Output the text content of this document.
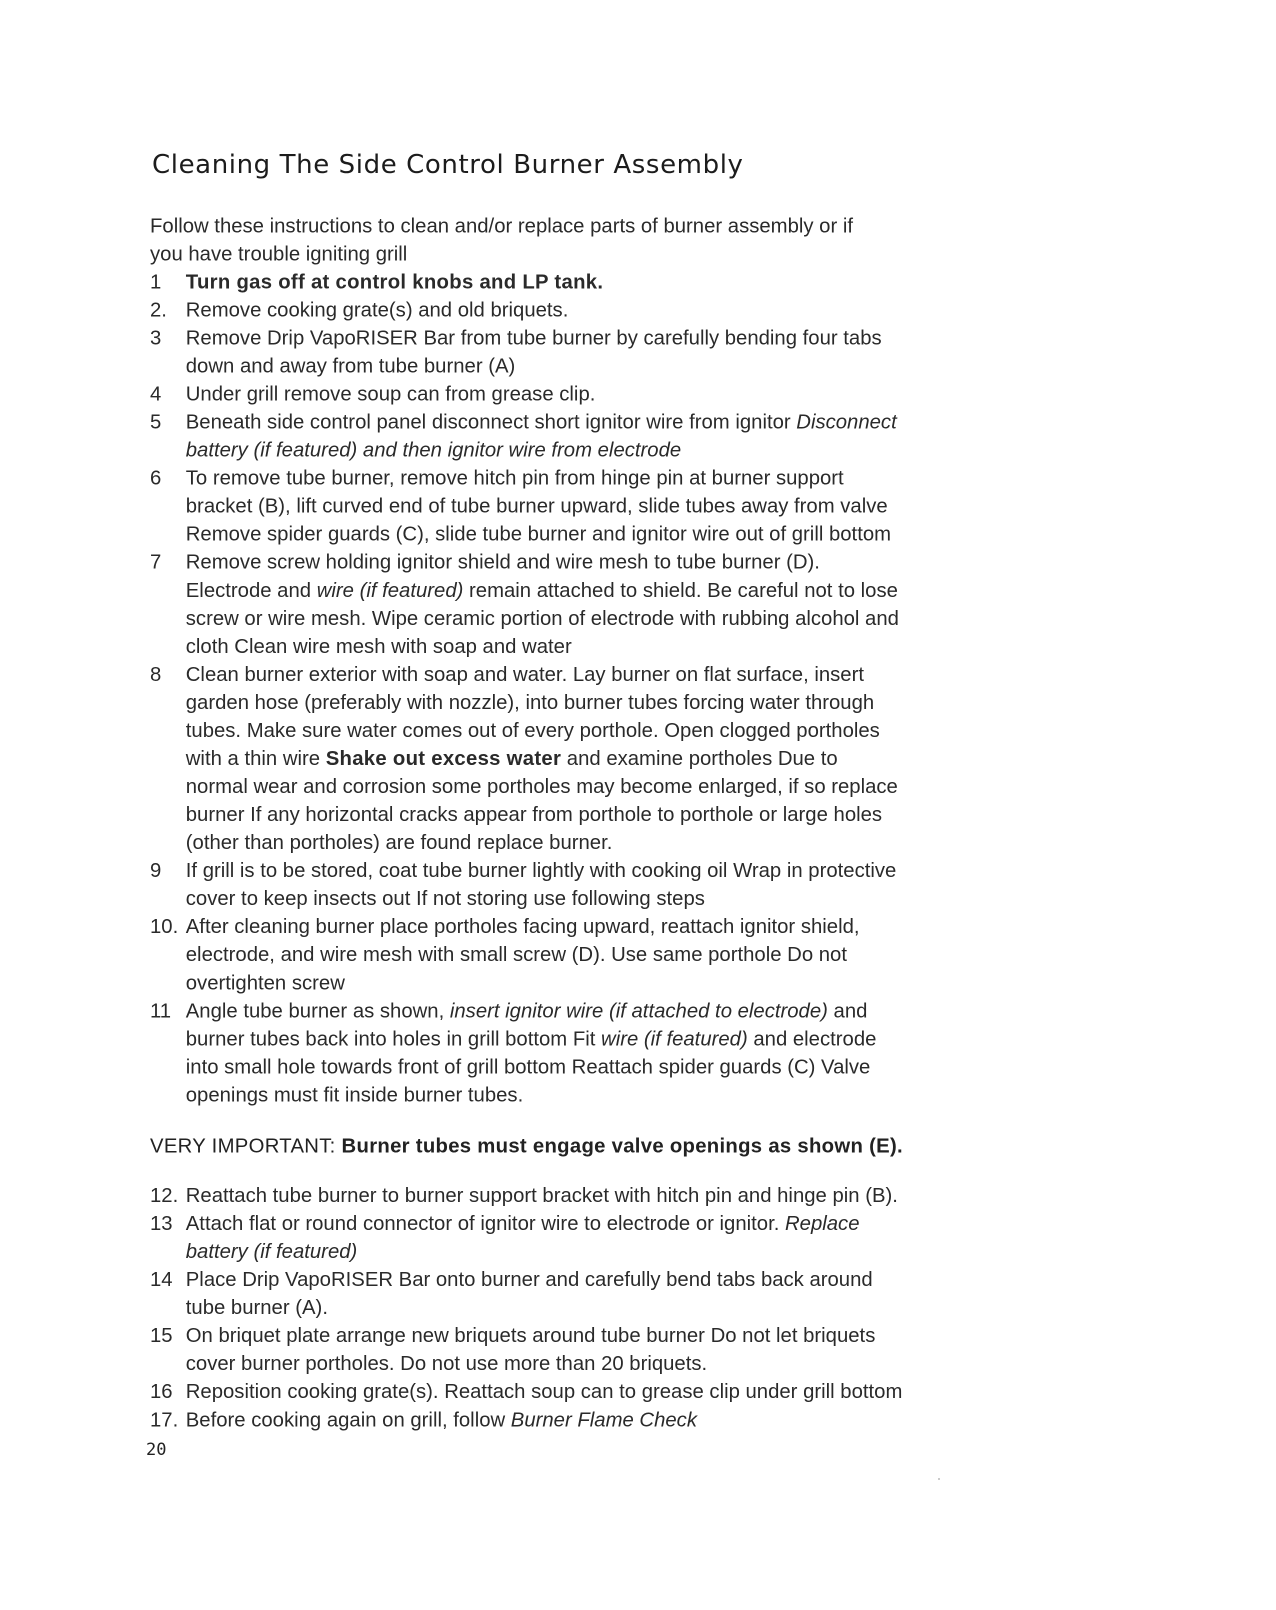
Cleaning The Side Control Burner Assembly

Follow these instructions to clean and/or replace parts of burner assembly or if you have trouble igniting grill

1 Turn gas off at control knobs and LP tank.
2. Remove cooking grate(s) and old briquets.
3 Remove Drip VapoRISER Bar from tube burner by carefully bending four tabs down and away from tube burner (A)
4 Under grill remove soup can from grease clip.
5 Beneath side control panel disconnect short ignitor wire from ignitor Disconnect battery (if featured) and then ignitor wire from electrode
6 To remove tube burner, remove hitch pin from hinge pin at burner support bracket (B), lift curved end of tube burner upward, slide tubes away from valve Remove spider guards (C), slide tube burner and ignitor wire out of grill bottom
7 Remove screw holding ignitor shield and wire mesh to tube burner (D). Electrode and wire (if featured) remain attached to shield. Be careful not to lose screw or wire mesh. Wipe ceramic portion of electrode with rubbing alcohol and cloth Clean wire mesh with soap and water
8 Clean burner exterior with soap and water. Lay burner on flat surface, insert garden hose (preferably with nozzle), into burner tubes forcing water through tubes. Make sure water comes out of every porthole. Open clogged portholes with a thin wire Shake out excess water and examine portholes Due to normal wear and corrosion some portholes may become enlarged, if so replace burner If any horizontal cracks appear from porthole to porthole or large holes (other than portholes) are found replace burner.
9 If grill is to be stored, coat tube burner lightly with cooking oil Wrap in protective cover to keep insects out If not storing use following steps
10. After cleaning burner place portholes facing upward, reattach ignitor shield, electrode, and wire mesh with small screw (D). Use same porthole Do not overtighten screw
11 Angle tube burner as shown, insert ignitor wire (if attached to electrode) and burner tubes back into holes in grill bottom Fit wire (if featured) and electrode into small hole towards front of grill bottom Reattach spider guards (C) Valve openings must fit inside burner tubes.

VERY IMPORTANT: Burner tubes must engage valve openings as shown (E).

12. Reattach tube burner to burner support bracket with hitch pin and hinge pin (B).
13 Attach flat or round connector of ignitor wire to electrode or ignitor. Replace battery (if featured)
14 Place Drip VapoRISER Bar onto burner and carefully bend tabs back around tube burner (A).
15 On briquet plate arrange new briquets around tube burner Do not let briquets cover burner portholes. Do not use more than 20 briquets.
16 Reposition cooking grate(s). Reattach soup can to grease clip under grill bottom
17. Before cooking again on grill, follow Burner Flame Check
20
